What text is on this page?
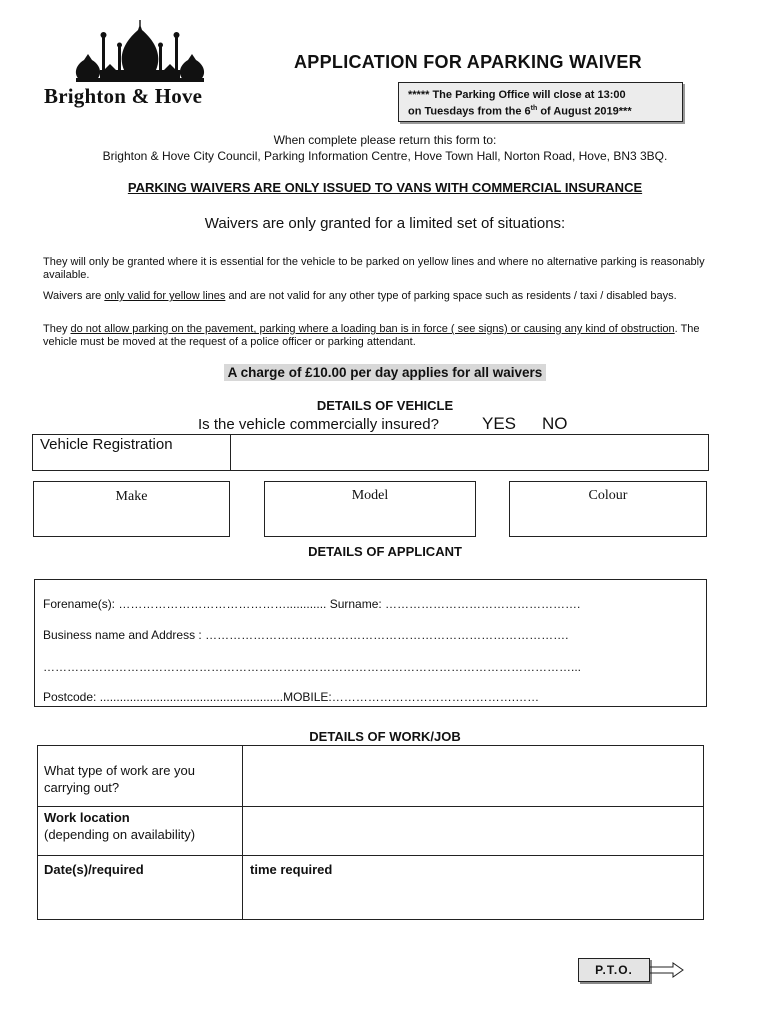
Brighton & Hove
APPLICATION FOR APARKING WAIVER
***** The Parking Office will close at 13:00
on Tuesdays from the 6th of August 2019***
When complete please return this form to:
Brighton & Hove City Council, Parking Information Centre, Hove Town Hall, Norton Road, Hove, BN3 3BQ.
PARKING WAIVERS ARE ONLY ISSUED TO VANS WITH COMMERCIAL INSURANCE
Waivers are only granted for a limited set of situations:
They will only be granted where it is essential for the vehicle to be parked on yellow lines and where no alternative parking is reasonably available.
Waivers are only valid for yellow lines and are not valid for any other type of parking space such as residents / taxi / disabled bays.
They do not allow parking on the pavement, parking where a loading ban is in force ( see signs) or causing any kind of obstruction. The vehicle must be moved at the request of a police officer or parking attendant.
A charge of £10.00 per day applies for all waivers
DETAILS OF VEHICLE
Is the vehicle commercially insured?	YES NO
Vehicle Registration
Make	Model	Colour
DETAILS OF APPLICANT
Forename(s): ……………………………………............ Surname: ………………………………………….
Business name and Address : ……………………………………………………………………………….
……………………………………………………………………………………………………………………...
Postcode: .......................................................MOBILE:……………………………………….……
DETAILS OF WORK/JOB
What type of work are you carrying out?
Work location
(depending on availability)
Date(s)/required	time required
P.T.O.
